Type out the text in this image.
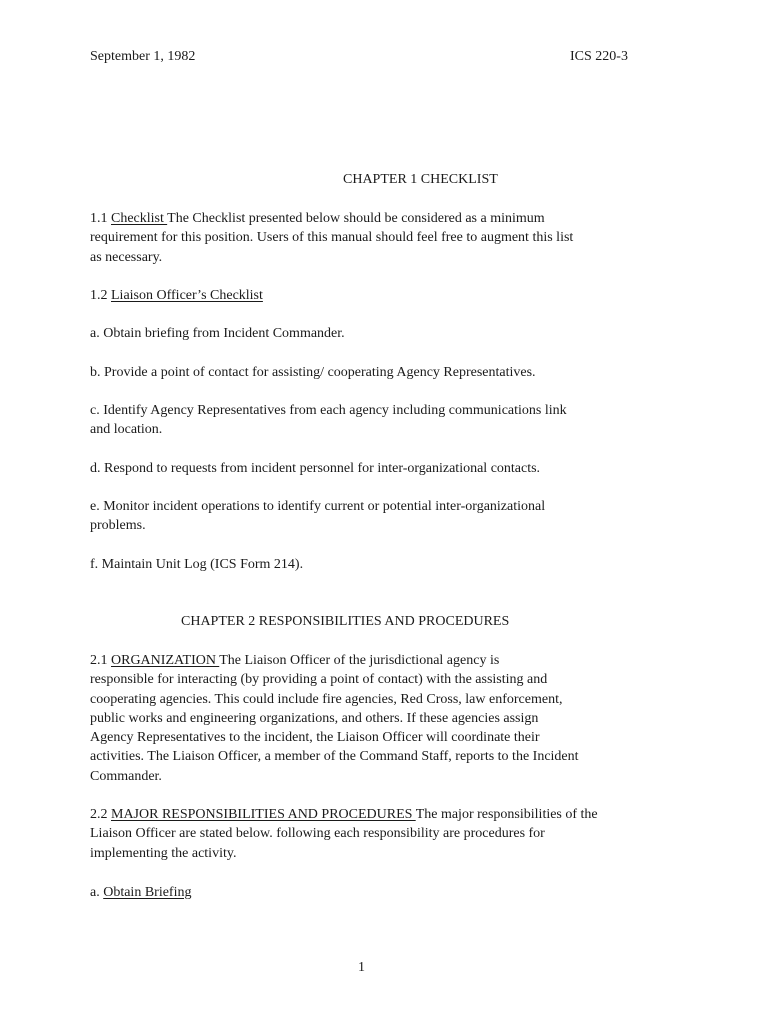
September 1, 1982	ICS 220-3
CHAPTER 1 CHECKLIST
1.1 Checklist The Checklist presented below should be considered as a minimum
requirement for this position. Users of this manual should feel free to augment this list
as necessary.
1.2 Liaison Officer’s Checklist
a. Obtain briefing from Incident Commander.
b. Provide a point of contact for assisting/ cooperating Agency Representatives.
c. Identify Agency Representatives from each agency including communications link
and location.
d. Respond to requests from incident personnel for inter-organizational contacts.
e. Monitor incident operations to identify current or potential inter-organizational
problems.
f. Maintain Unit Log (ICS Form 214).
CHAPTER 2 RESPONSIBILITIES AND PROCEDURES
2.1 ORGANIZATION The Liaison Officer of the jurisdictional agency is
responsible for interacting (by providing a point of contact) with the assisting and
cooperating agencies. This could include fire agencies, Red Cross, law enforcement,
public works and engineering organizations, and others. If these agencies assign
Agency Representatives to the incident, the Liaison Officer will coordinate their
activities. The Liaison Officer, a member of the Command Staff, reports to the Incident
Commander.
2.2 MAJOR RESPONSIBILITIES AND PROCEDURES The major responsibilities of the
Liaison Officer are stated below. following each responsibility are procedures for
implementing the activity.
a. Obtain Briefing
1
